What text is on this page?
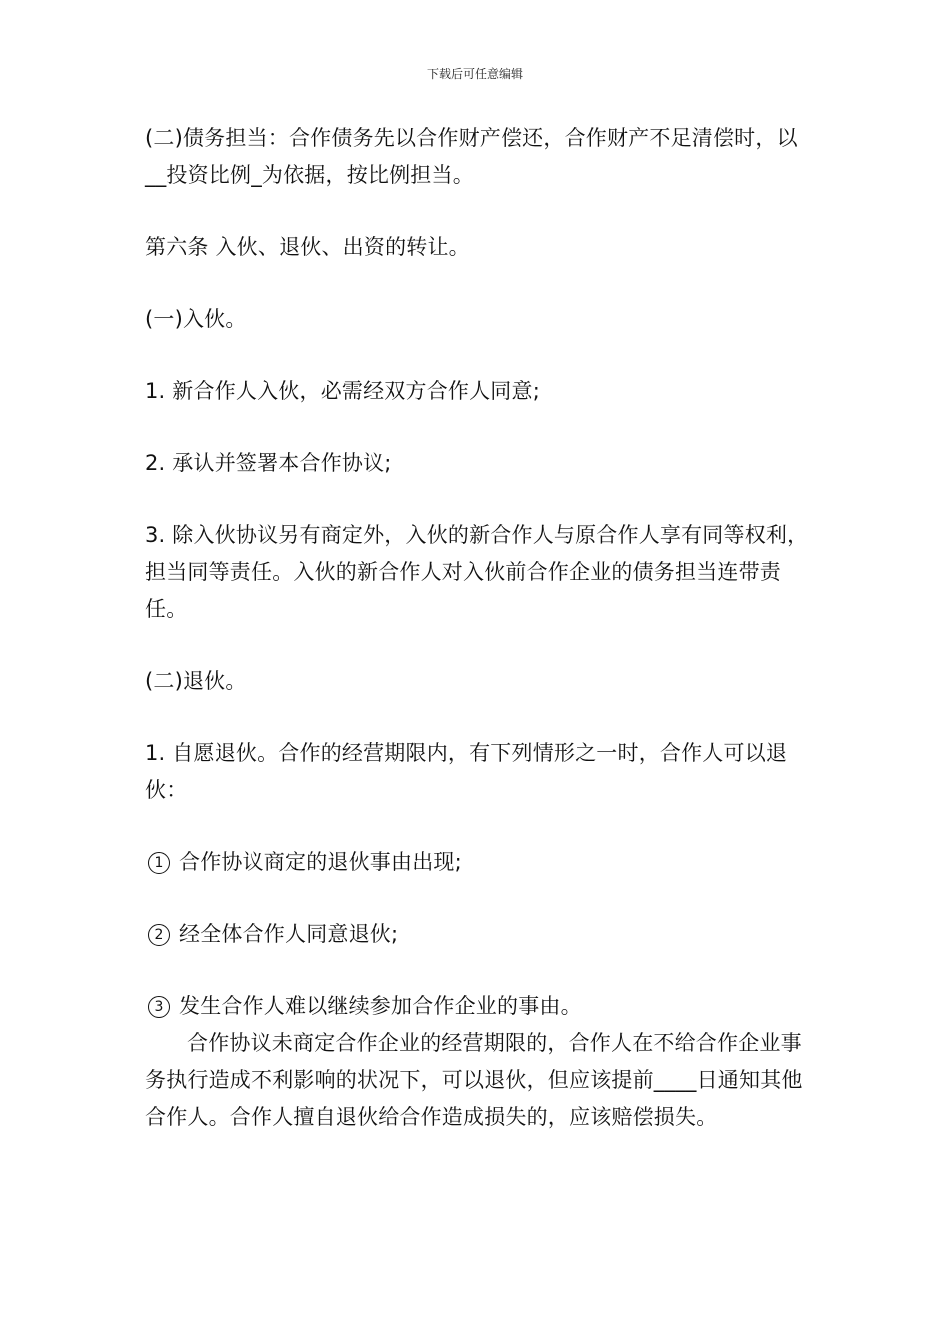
下载后可任意编辑

(二)债务担当：合作债务先以合作财产偿还，合作财产不足清偿时，以__投资比例_为依据，按比例担当。

第六条 入伙、退伙、出资的转让。

(一)入伙。

1. 新合作人入伙，必需经双方合作人同意;

2. 承认并签署本合作协议;

3. 除入伙协议另有商定外，入伙的新合作人与原合作人享有同等权利，担当同等责任。入伙的新合作人对入伙前合作企业的债务担当连带责任。

(二)退伙。

1. 自愿退伙。合作的经营期限内，有下列情形之一时，合作人可以退伙：

1 合作协议商定的退伙事由出现;

2 经全体合作人同意退伙;

3 发生合作人难以继续参加合作企业的事由。

合作协议未商定合作企业的经营期限的，合作人在不给合作企业事务执行造成不利影响的状况下，可以退伙，但应该提前____日通知其他合作人。合作人擅自退伙给合作造成损失的，应该赔偿损失。
